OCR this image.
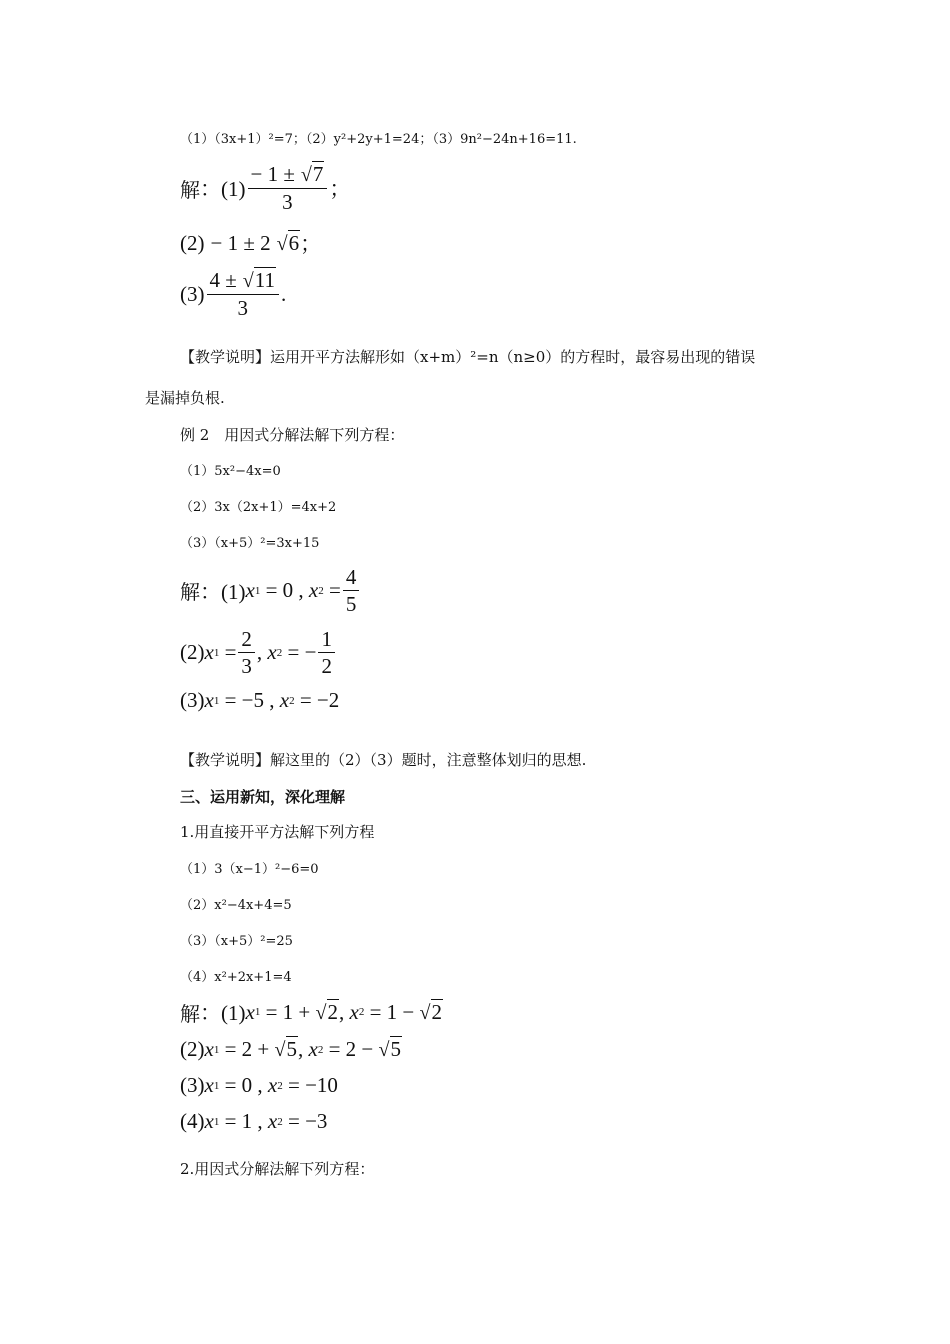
（1）（3x+1）²=7；（2）y²+2y+1=24；（3）9n²−24n+16=11.
解 ：$(1) \frac{- 1 \pm √7}{3}$ ；
(2) − 1 ± 2 √6 ；
$(3) \frac{4 \pm √11}{3}$ .
【教学说明】运用开平方法解形如（x+m）²=n（n≥0）的方程时，最容易出现的错误
是漏掉负根.
例 2　用因式分解法解下列方程：
（1）5x²−4x=0
（2）3x（2x+1）=4x+2
（3）（x+5）²=3x+15
解 ：(1) x 1
= 0 , x 2
= $\frac{4}{5}$
(2) x 1
= $\frac{2}{3}$ , x 2
= − $\frac{1}{2}$
(3) x 1
= −5 , x 2
= −2
【教学说明】解这里的（2）（3）题时，注意整体划归的思想.
三、运用新知，深化理解
1.用直接开平方法解下列方程
（1）3（x−1）²−6=0
（2）x²−4x+4=5
（3）（x+5）²=25
（4）x²+2x+1=4
解 ：(1) x 1
= 1 +
√2 , x 2
= 1 −
√2
(2) x 1
= 2 +
√5 , x 2
= 2 −
√5
(3) x 1
= 0 , x 2
= −10
(4) x 1
= 1 , x 2
= −3
2.用因式分解法解下列方程：
